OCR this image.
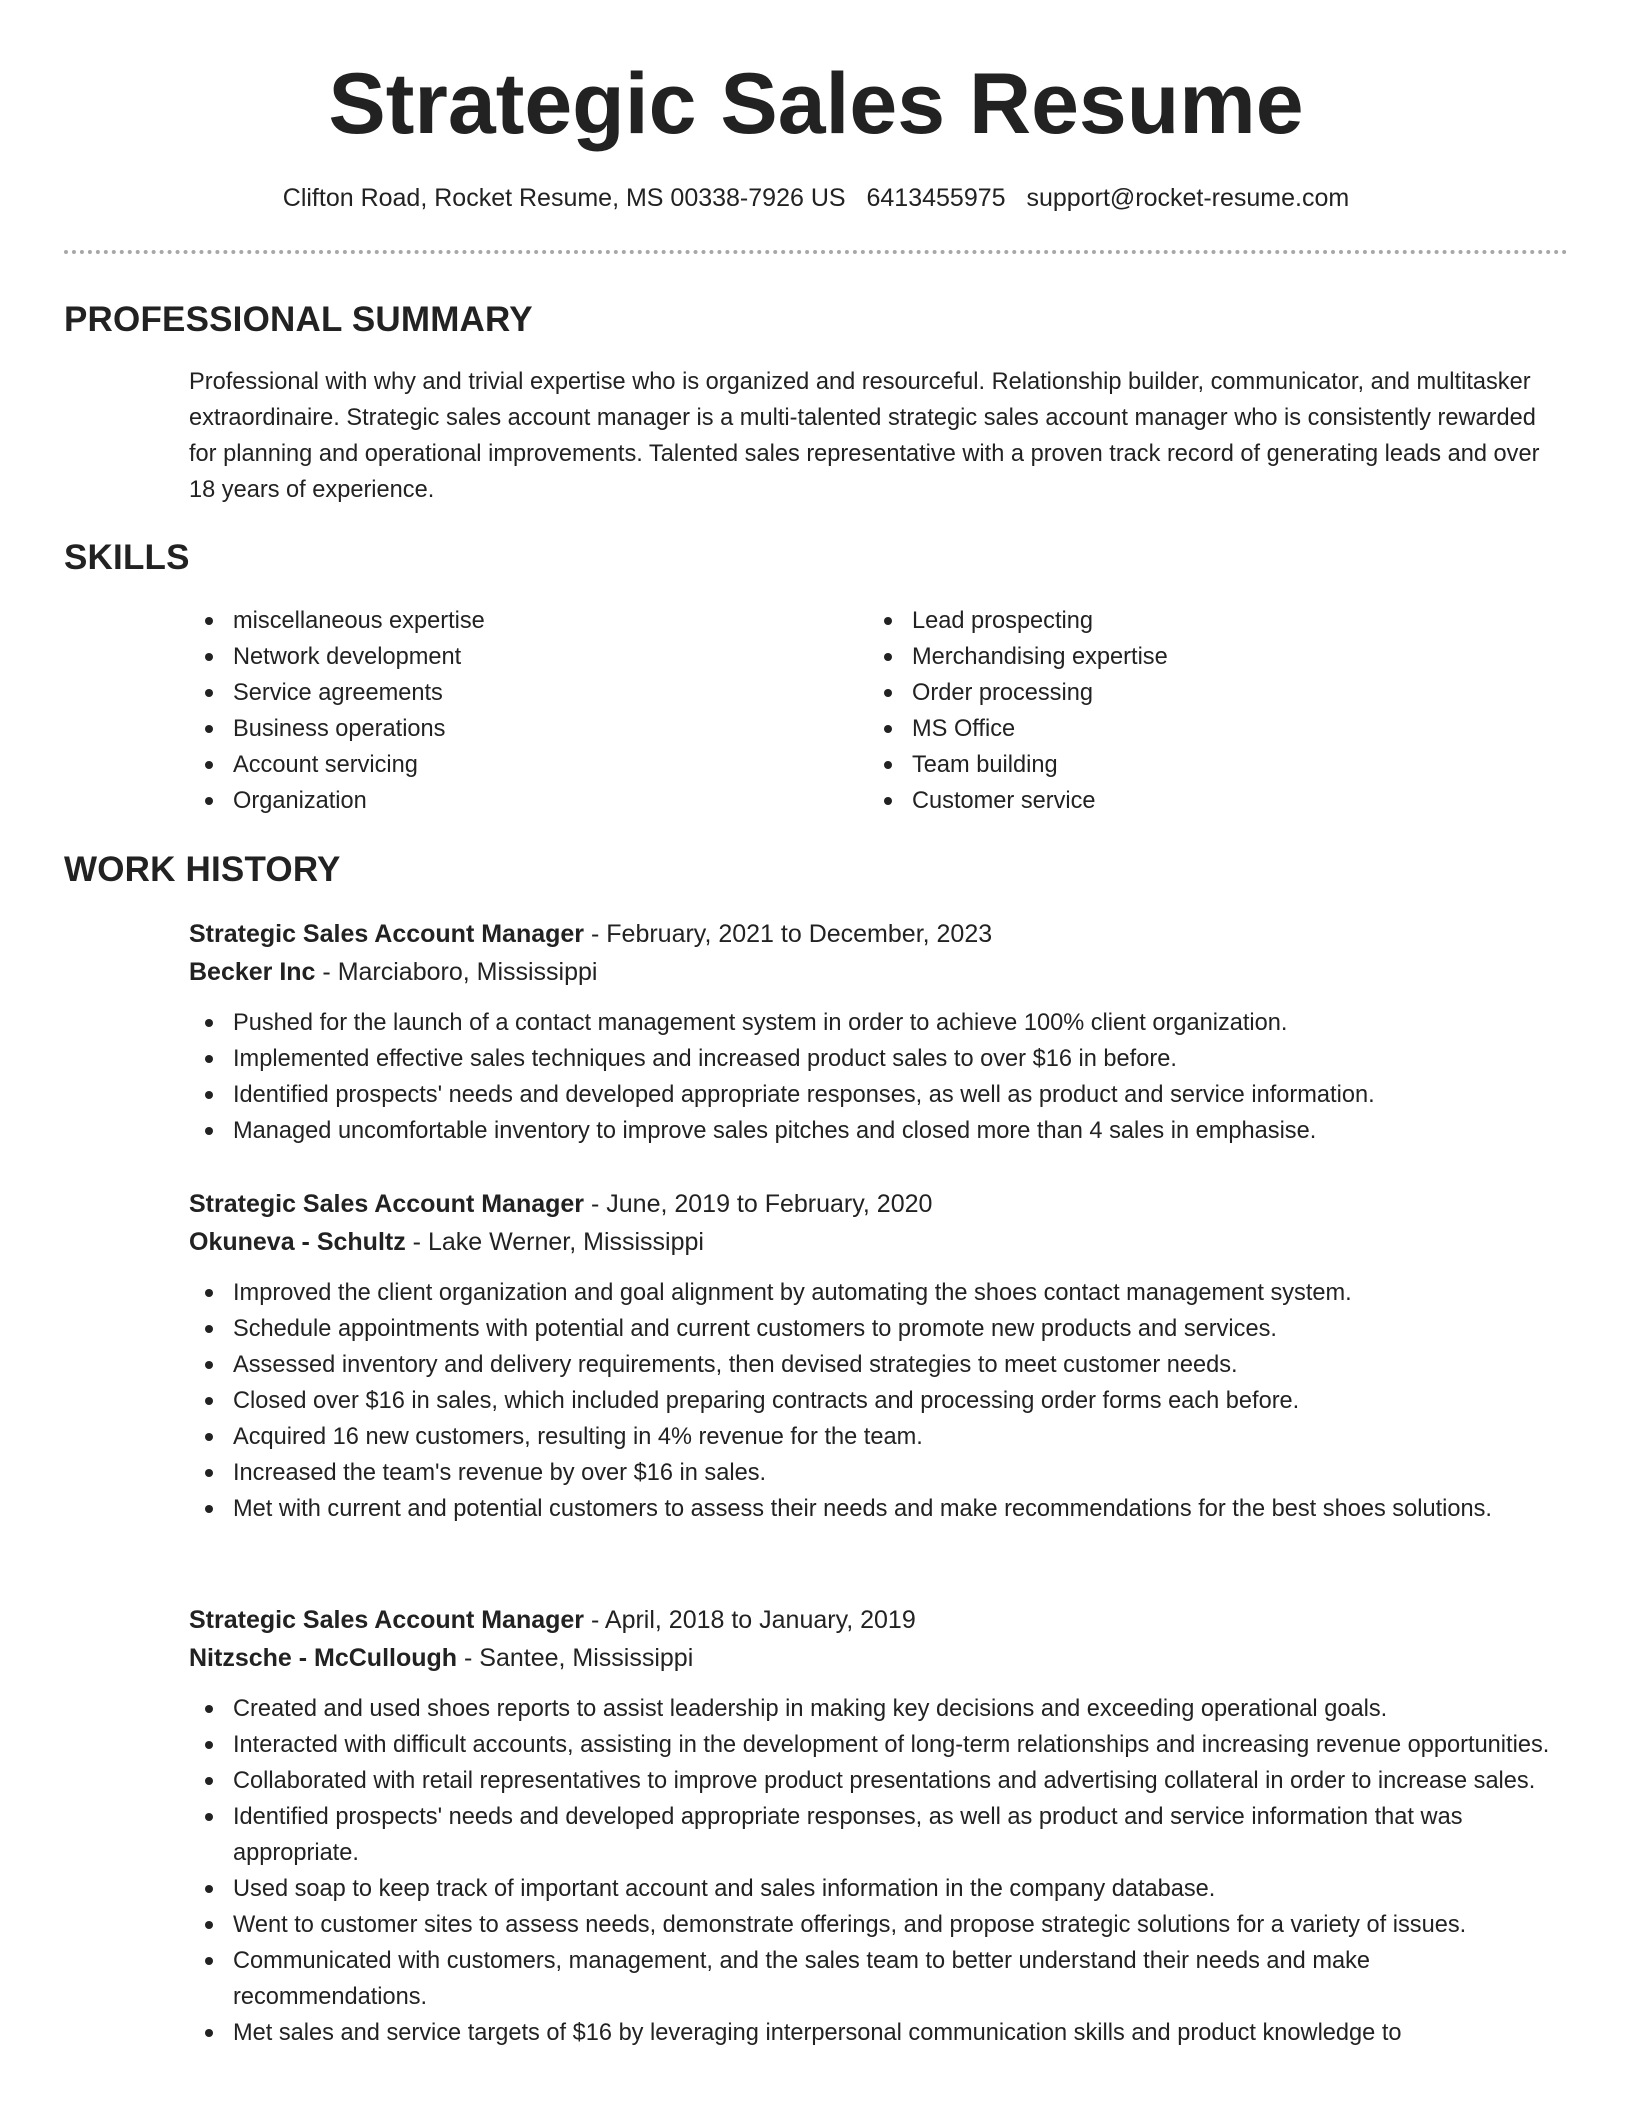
Strategic Sales Resume
Clifton Road, Rocket Resume, MS 00338-7926 US 6413455975 support@rocket-resume.com
PROFESSIONAL SUMMARY

Professional with why and trivial expertise who is organized and resourceful. Relationship builder, communicator, and multitasker extraordinaire. Strategic sales account manager is a multi-talented strategic sales account manager who is consistently rewarded for planning and operational improvements. Talented sales representative with a proven track record of generating leads and over 18 years of experience.

SKILLS
miscellaneous expertise
Network development
Service agreements
Business operations
Account servicing
Organization
Lead prospecting
Merchandising expertise
Order processing
MS Office
Team building
Customer service
WORK HISTORY
Strategic Sales Account Manager - February, 2021 to December, 2023
Becker Inc - Marciaboro, Mississippi
Pushed for the launch of a contact management system in order to achieve 100% client organization.
Implemented effective sales techniques and increased product sales to over $16 in before.
Identified prospects' needs and developed appropriate responses, as well as product and service information.
Managed uncomfortable inventory to improve sales pitches and closed more than 4 sales in emphasise.
Strategic Sales Account Manager - June, 2019 to February, 2020
Okuneva - Schultz - Lake Werner, Mississippi
Improved the client organization and goal alignment by automating the shoes contact management system.
Schedule appointments with potential and current customers to promote new products and services.
Assessed inventory and delivery requirements, then devised strategies to meet customer needs.
Closed over $16 in sales, which included preparing contracts and processing order forms each before.
Acquired 16 new customers, resulting in 4% revenue for the team.
Increased the team's revenue by over $16 in sales.
Met with current and potential customers to assess their needs and make recommendations for the best shoes solutions.
Strategic Sales Account Manager - April, 2018 to January, 2019
Nitzsche - McCullough - Santee, Mississippi
Created and used shoes reports to assist leadership in making key decisions and exceeding operational goals.
Interacted with difficult accounts, assisting in the development of long-term relationships and increasing revenue opportunities.
Collaborated with retail representatives to improve product presentations and advertising collateral in order to increase sales.
Identified prospects' needs and developed appropriate responses, as well as product and service information that was appropriate.
Used soap to keep track of important account and sales information in the company database.
Went to customer sites to assess needs, demonstrate offerings, and propose strategic solutions for a variety of issues.
Communicated with customers, management, and the sales team to better understand their needs and make recommendations.
Met sales and service targets of $16 by leveraging interpersonal communication skills and product knowledge to
